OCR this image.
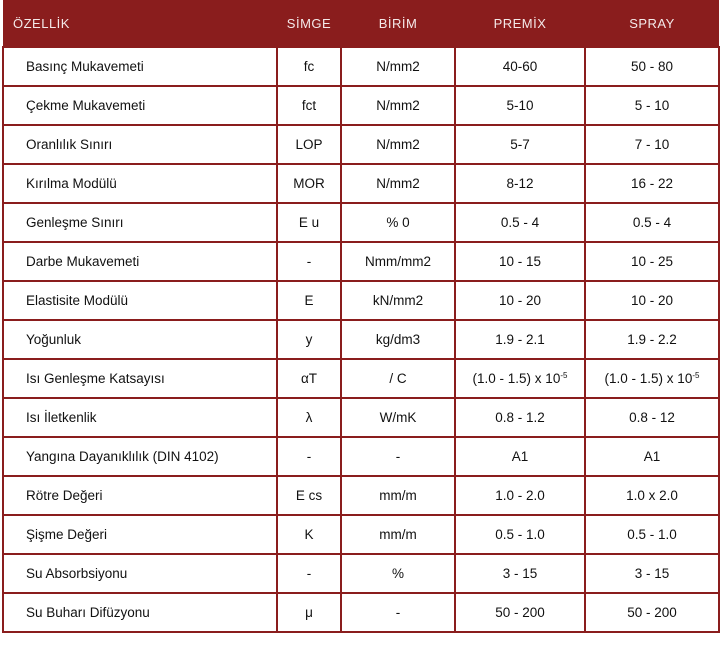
ÖZELLİK	SİMGE	BİRİM	PREMİX	SPRAY
Basınç Mukavemeti	fc	N/mm2	40-60	50 - 80
Çekme Mukavemeti	fct	N/mm2	5-10	5 - 10
Oranlılık Sınırı	LOP	N/mm2	5-7	7 - 10
Kırılma Modülü	MOR	N/mm2	8-12	16 - 22
Genleşme Sınırı	E u	% 0	0.5 - 4	0.5 - 4
Darbe Mukavemeti	-	Nmm/mm2	10 - 15	10 - 25
Elastisite Modülü	E	kN/mm2	10 - 20	10 - 20
Yoğunluk	y	kg/dm3	1.9 - 2.1	1.9 - 2.2
Isı Genleşme Katsayısı	αT	/ C	(1.0 - 1.5) x $10^{-5}$	(1.0 - 1.5) x $10^{-5}$
Isı İletkenlik	λ	W/mK	0.8 - 1.2	0.8 - 12
Yangına Dayanıklılık (DIN 4102)	-	-	A1	A1
Rötre Değeri	E cs	mm/m	1.0 - 2.0	1.0 x 2.0
Şişme Değeri	K	mm/m	0.5 - 1.0	0.5 - 1.0
Su Absorbsiyonu	-	%	3 - 15	3 - 15
Su Buharı Difüzyonu	μ	-	50 - 200	50 - 200
